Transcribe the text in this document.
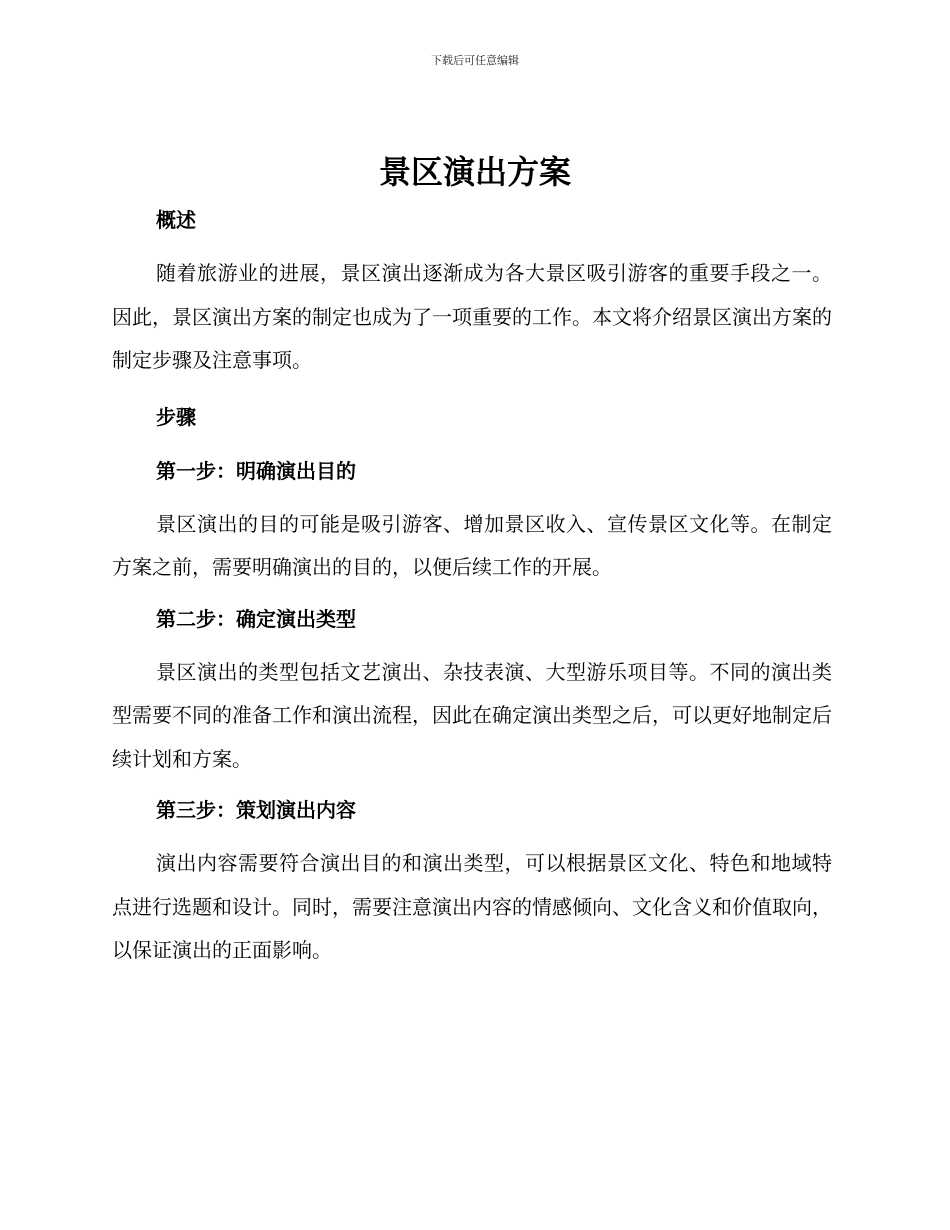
下载后可任意编辑
景区演出方案
概述

随着旅游业的进展，景区演出逐渐成为各大景区吸引游客的重要手段之一。因此，景区演出方案的制定也成为了一项重要的工作。本文将介绍景区演出方案的制定步骤及注意事项。

步骤
第一步：明确演出目的

景区演出的目的可能是吸引游客、增加景区收入、宣传景区文化等。在制定方案之前，需要明确演出的目的，以便后续工作的开展。

第二步：确定演出类型

景区演出的类型包括文艺演出、杂技表演、大型游乐项目等。不同的演出类型需要不同的准备工作和演出流程，因此在确定演出类型之后，可以更好地制定后续计划和方案。

第三步：策划演出内容

演出内容需要符合演出目的和演出类型，可以根据景区文化、特色和地域特点进行选题和设计。同时，需要注意演出内容的情感倾向、文化含义和价值取向，以保证演出的正面影响。
